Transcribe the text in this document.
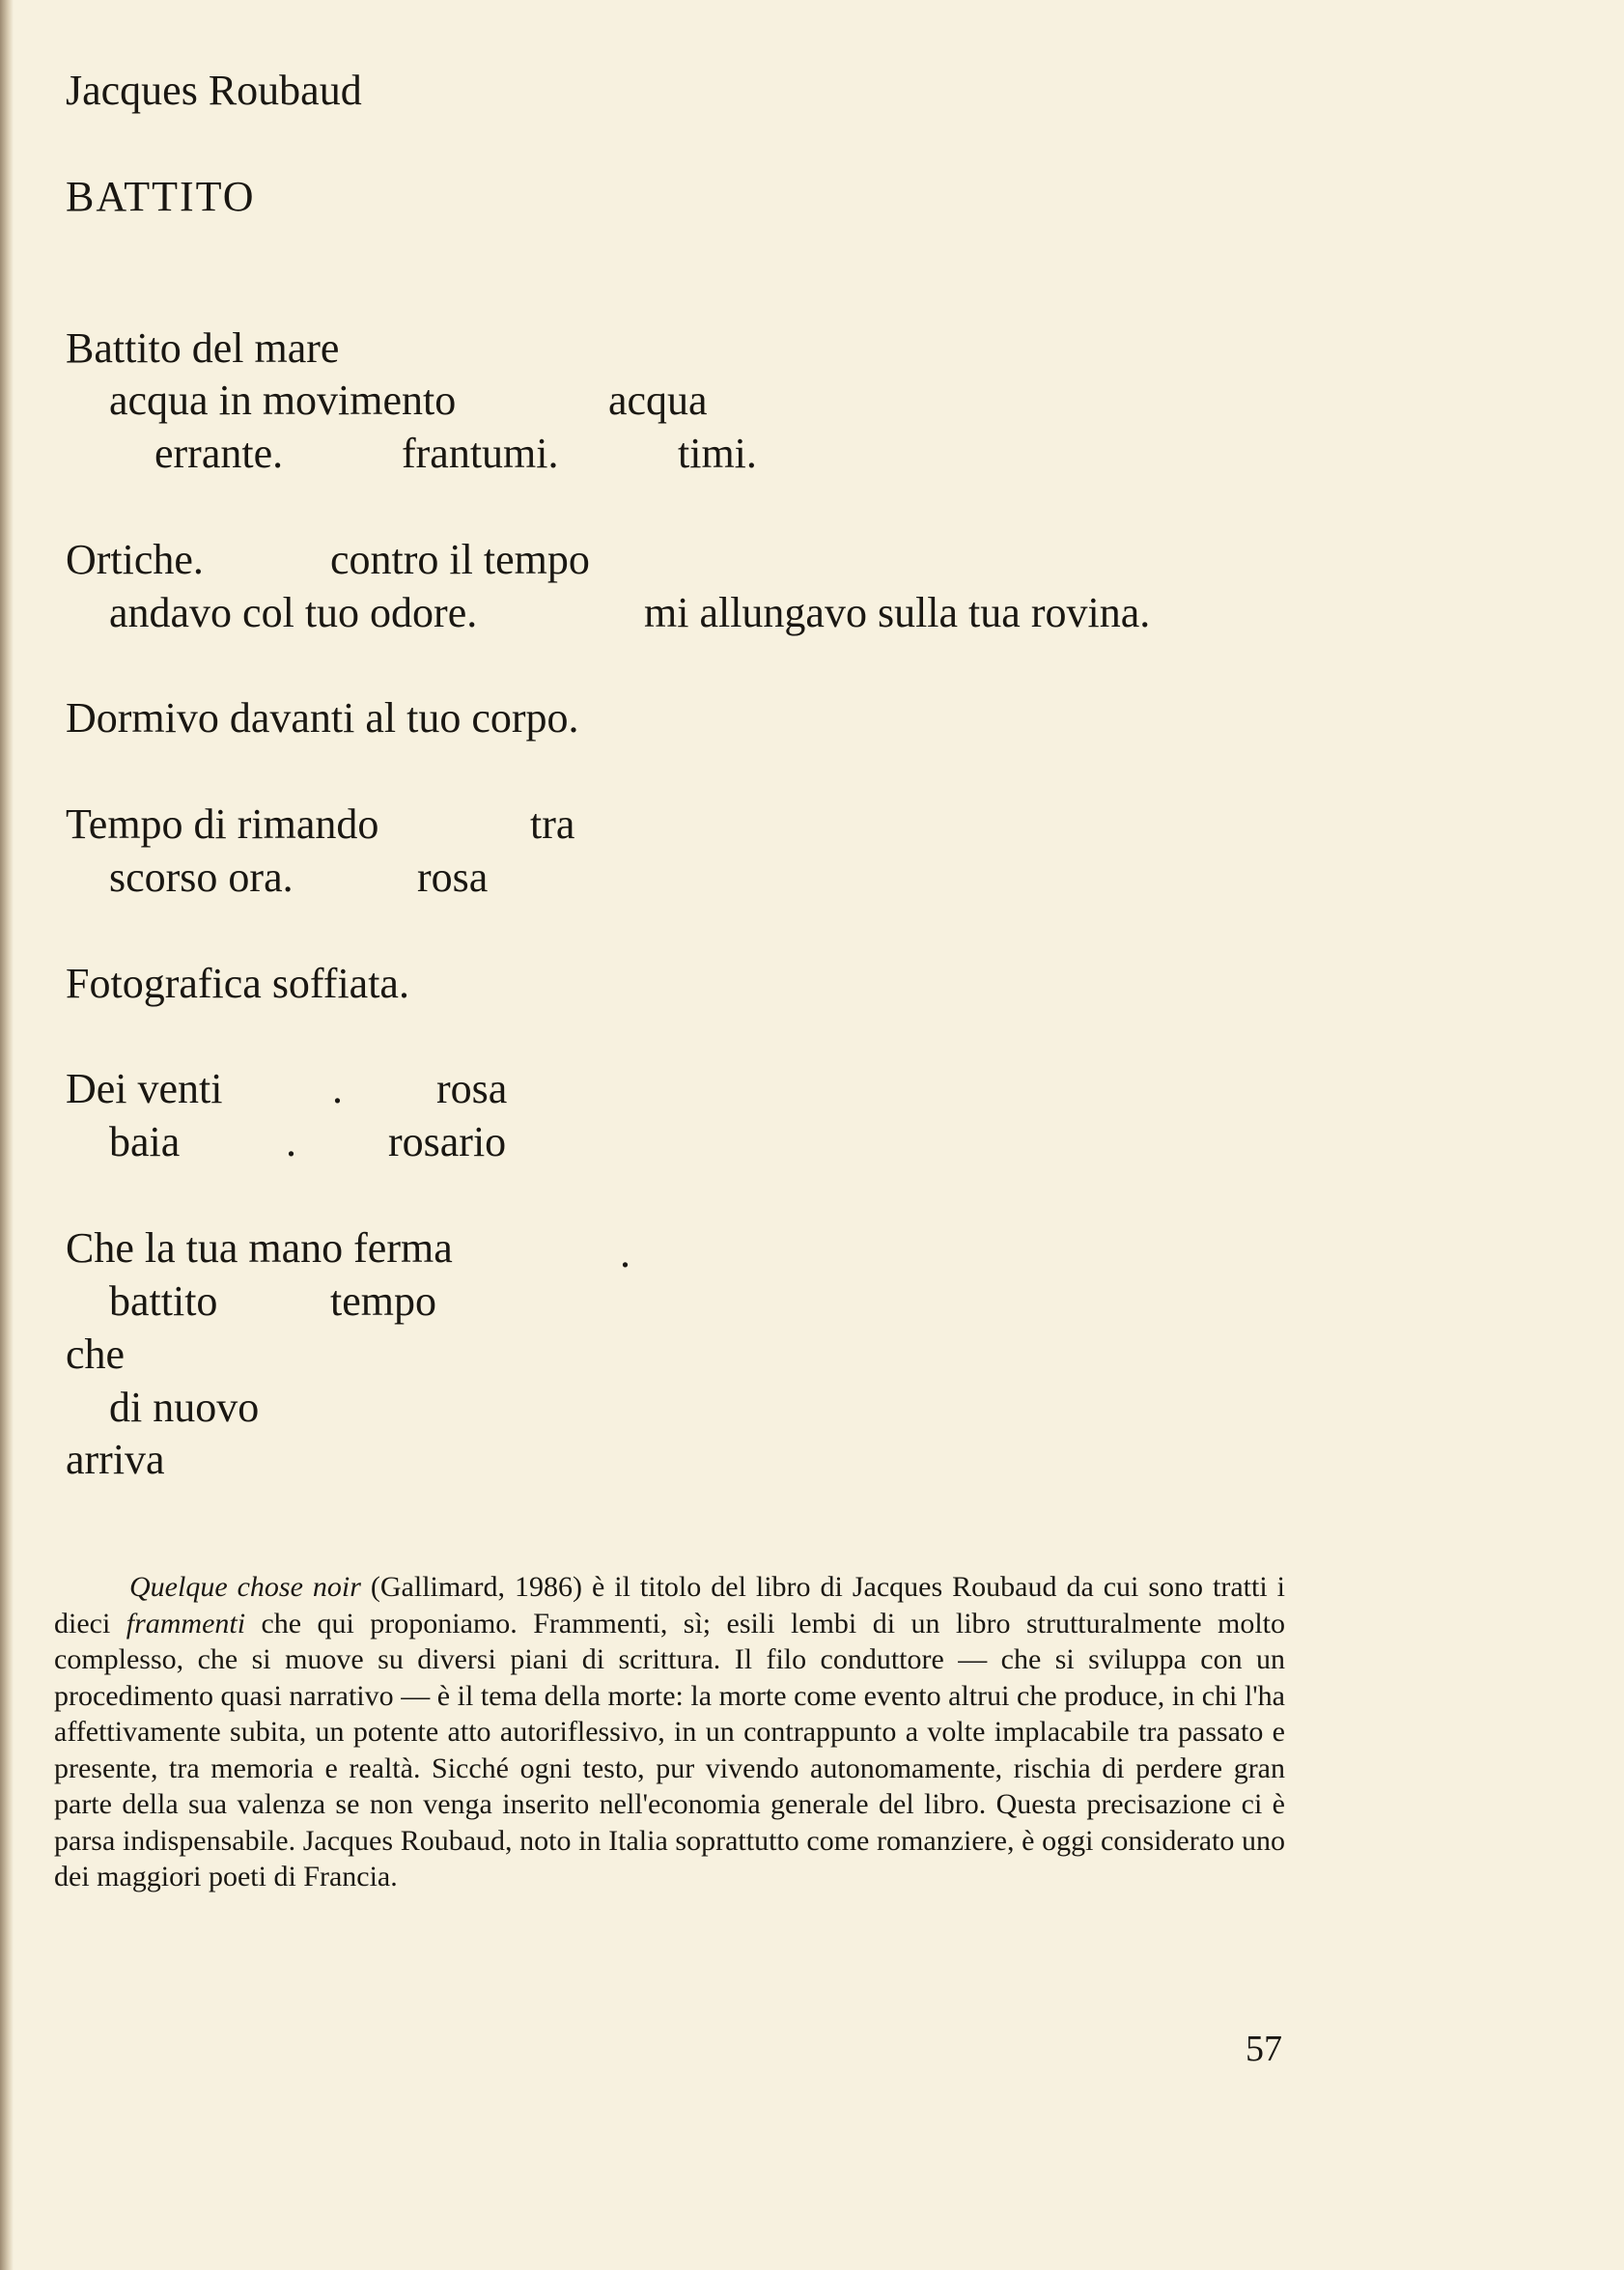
Jacques Roubaud
BATTITO
Battito del mare
acqua in movimento	acqua
errante.	frantumi.	timi.
Ortiche.	contro il tempo
andavo col tuo odore.	mi allungavo sulla tua rovina.
Dormivo davanti al tuo corpo.
Tempo di rimando	tra
scorso ora.	rosa
Fotografica soffiata.
Dei venti	. rosa
baia . rosario
Che la tua mano ferma	.
battito	tempo
che
di nuovo
arriva

Quelque chose noir (Gallimard, 1986) è il titolo del libro di Jacques Roubaud da cui sono tratti i dieci frammenti che qui proponiamo. Frammenti, sì; esili lembi di un libro strutturalmente molto complesso, che si muove su diversi piani di scrittura. Il filo conduttore — che si sviluppa con un procedimento quasi narrativo — è il tema della morte: la morte come evento altrui che produce, in chi l'ha affettivamente subita, un potente atto autoriflessivo, in un contrappunto a volte implacabile tra passato e presente, tra memoria e realtà. Sicché ogni testo, pur vivendo autonomamente, rischia di perdere gran parte della sua valenza se non venga inserito nell'economia generale del libro. Questa precisazione ci è parsa indispensabile. Jacques Roubaud, noto in Italia soprattutto come romanziere, è oggi considerato uno dei maggiori poeti di Francia.

57
